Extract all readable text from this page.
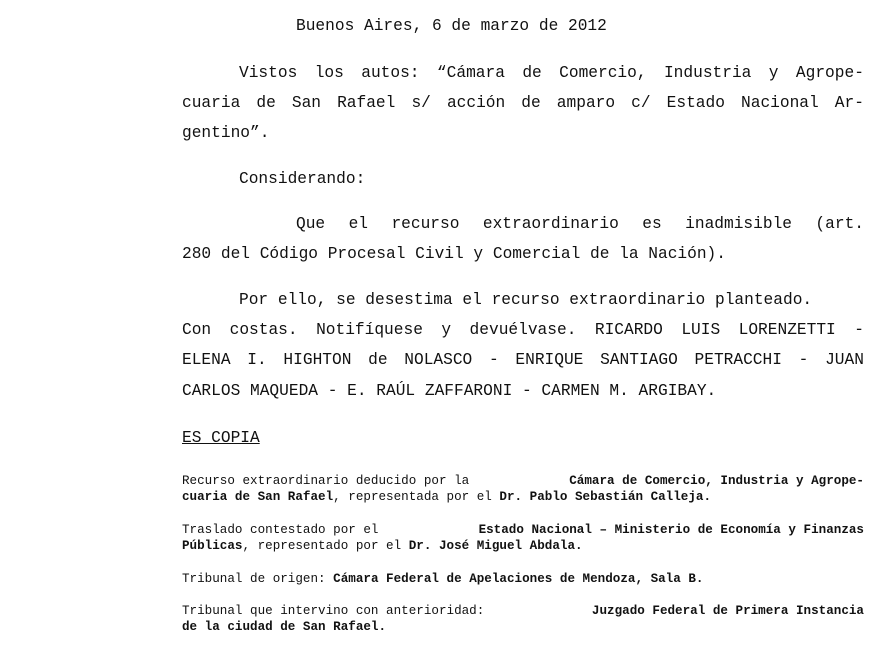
Buenos Aires, 6 de marzo de 2012
Vistos los autos: “Cámara de Comercio, Industria y Agrope-
cuaria de San Rafael s/ acción de amparo c/ Estado Nacional Ar-
gentino”.
Considerando:
Que el recurso extraordinario es inadmisible (art.
280 del Código Procesal Civil y Comercial de la Nación).
Por ello, se desestima el recurso extraordinario planteado.
Con costas. Notifíquese y devuélvase. RICARDO LUIS LORENZETTI -
ELENA I. HIGHTON de NOLASCO - ENRIQUE SANTIAGO PETRACCHI - JUAN
CARLOS MAQUEDA - E. RAÚL ZAFFARONI - CARMEN M. ARGIBAY.
ES COPIA
Recurso extraordinario deducido por la	Cámara de Comercio, Industria y Agrope-
cuaria de San Rafael, representada por el Dr. Pablo Sebastián Calleja.
Traslado contestado por el	Estado Nacional – Ministerio de Economía y Finanzas
Públicas, representado por el Dr. José Miguel Abdala.
Tribunal de origen: Cámara Federal de Apelaciones de Mendoza, Sala B.
Tribunal que intervino con anterioridad:	Juzgado Federal de Primera Instancia
de la ciudad de San Rafael.
